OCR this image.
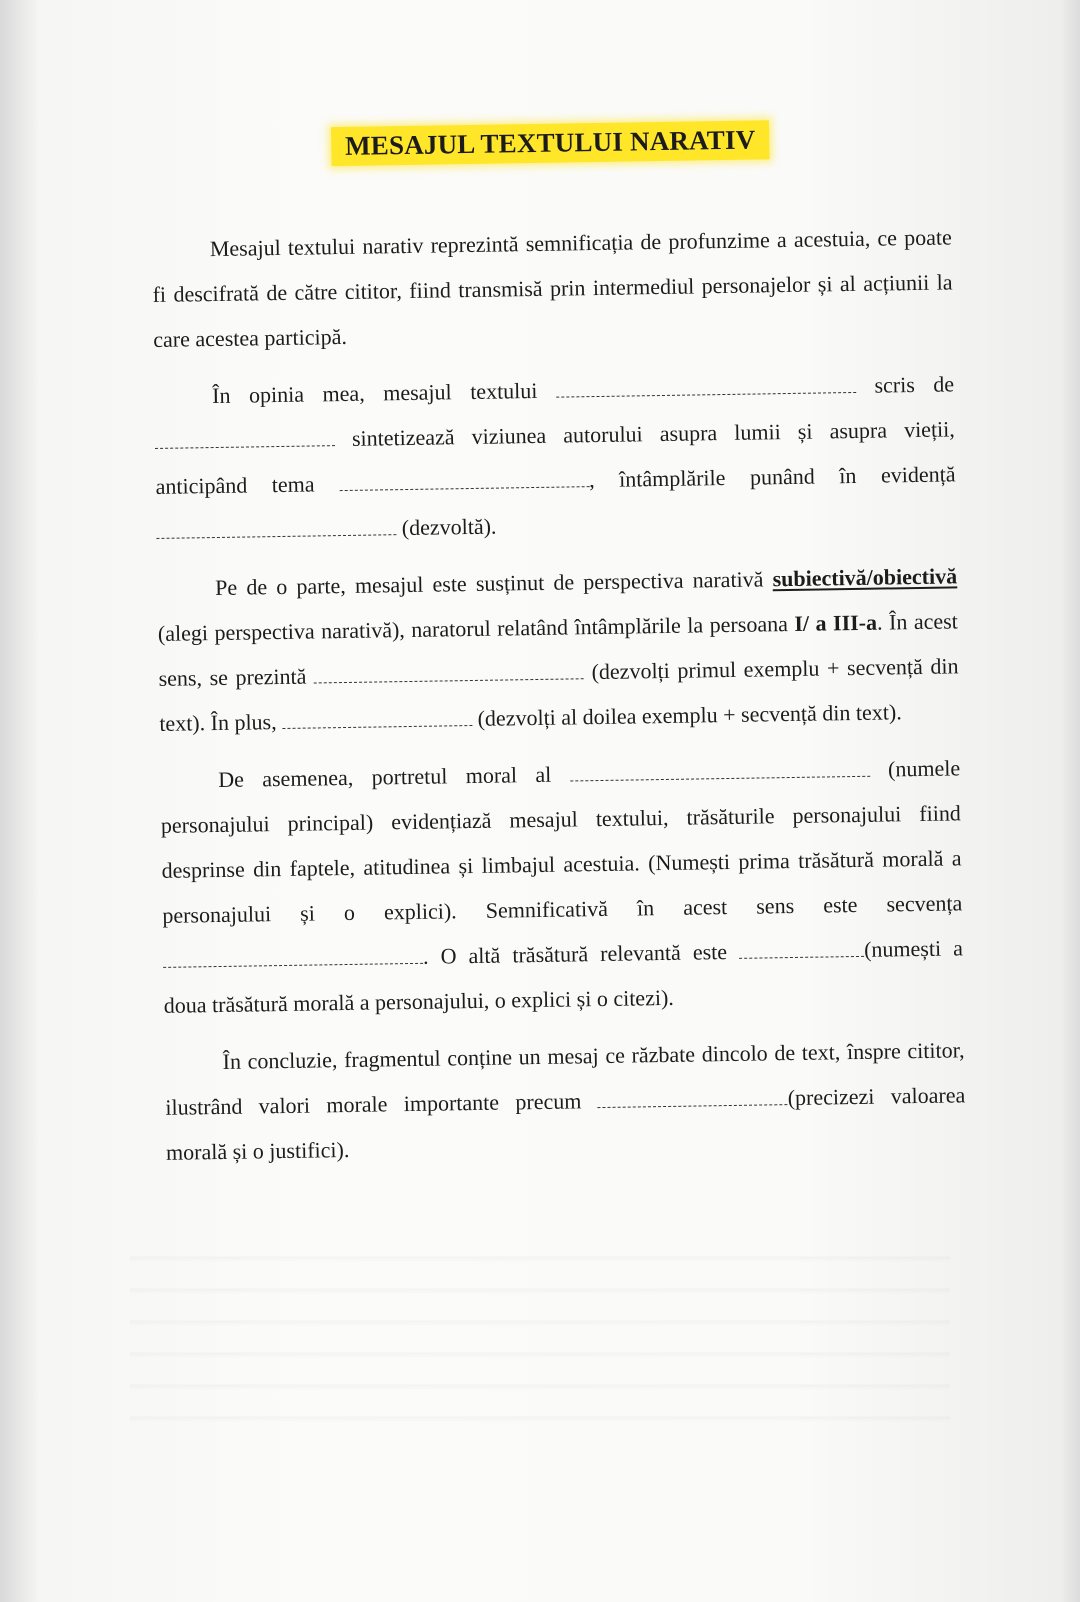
MESAJUL TEXTULUI NARATIV

Mesajul textului narativ reprezintă semnificația de profunzime a acestuia, ce poate fi descifrată de către cititor, fiind transmisă prin intermediul personajelor și al acțiunii la care acestea participă.

În opinia mea, mesajul textului	scris de  sintetizează viziunea autorului asupra lumii și asupra vieții, anticipând tema	, întâmplările punând în evidență  (dezvoltă).

Pe de o parte, mesajul este susținut de perspectiva narativă subiectivă/obiectivă (alegi perspectiva narativă), naratorul relatând întâmplările la persoana I/ a III-a. În acest sens, se prezintă	(dezvolți primul exemplu + secvență din text). În plus,	(dezvolți al doilea exemplu + secvență din text).

De asemenea, portretul moral al	(numele personajului principal) evidențiază mesajul textului, trăsăturile personajului fiind desprinse din faptele, atitudinea și limbajul acestuia. (Numești prima trăsătură morală a personajului și o explici). Semnificativă în acest sens este secvența . O altă trăsătură relevantă este	(numești a doua trăsătură morală a personajului, o explici și o citezi).

În concluzie, fragmentul conține un mesaj ce răzbate dincolo de text, înspre cititor, ilustrând valori morale importante precum	(precizezi valoarea morală și o justifici).
